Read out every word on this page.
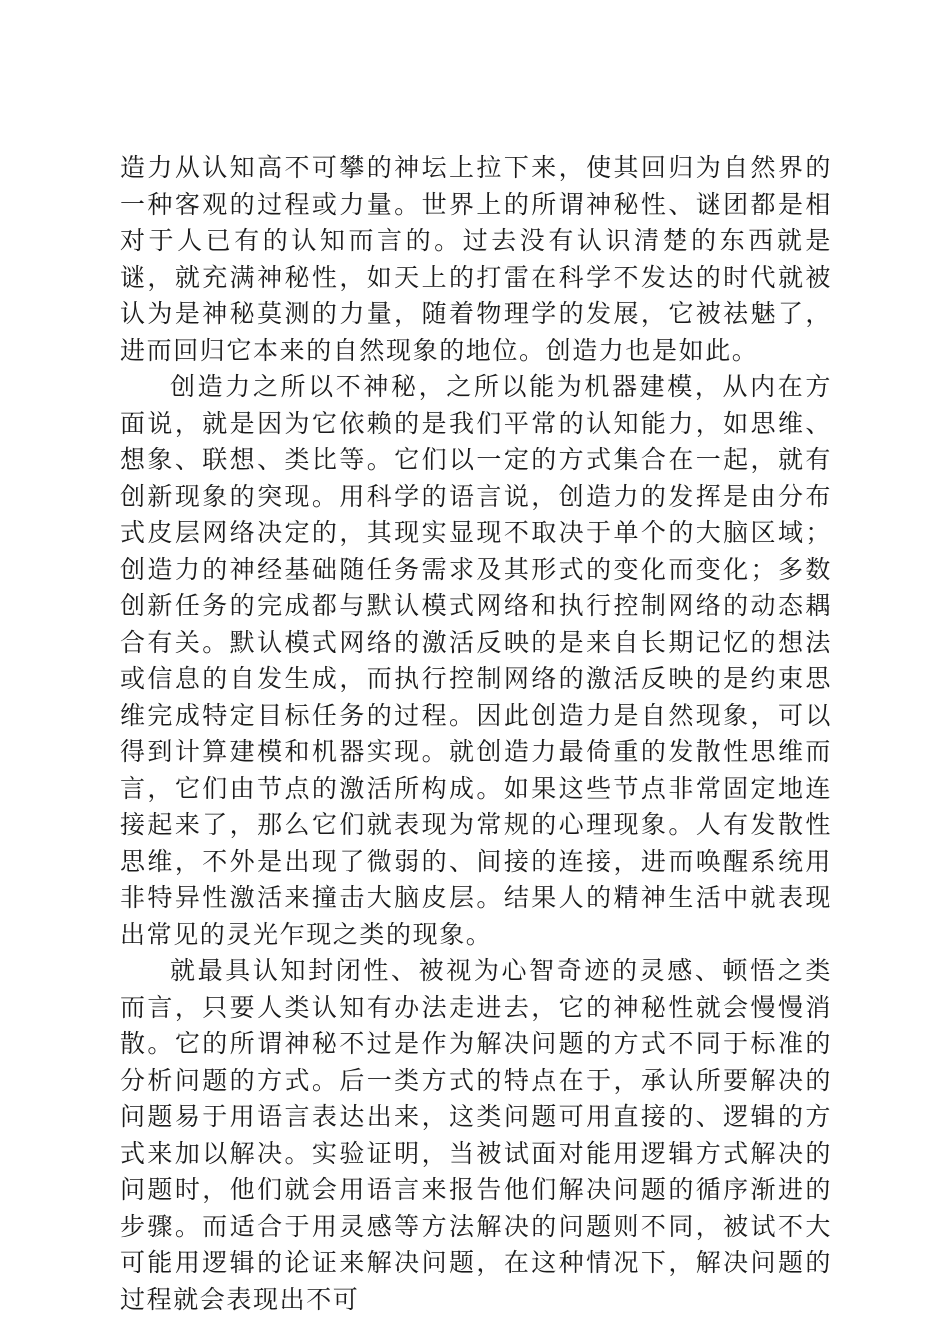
造力从认知高不可攀的神坛上拉下来，使其回归为自然界的一种客观的过程或力量。世界上的所谓神秘性、谜团都是相对于人已有的认知而言的。过去没有认识清楚的东西就是谜，就充满神秘性，如天上的打雷在科学不发达的时代就被认为是神秘莫测的力量，随着物理学的发展，它被祛魅了，进而回归它本来的自然现象的地位。创造力也是如此。

创造力之所以不神秘，之所以能为机器建模，从内在方面说，就是因为它依赖的是我们平常的认知能力，如思维、想象、联想、类比等。它们以一定的方式集合在一起，就有创新现象的突现。用科学的语言说，创造力的发挥是由分布式皮层网络决定的，其现实显现不取决于单个的大脑区域；创造力的神经基础随任务需求及其形式的变化而变化；多数创新任务的完成都与默认模式网络和执行控制网络的动态耦合有关。默认模式网络的激活反映的是来自长期记忆的想法或信息的自发生成，而执行控制网络的激活反映的是约束思维完成特定目标任务的过程。因此创造力是自然现象，可以得到计算建模和机器实现。就创造力最倚重的发散性思维而言，它们由节点的激活所构成。如果这些节点非常固定地连接起来了，那么它们就表现为常规的心理现象。人有发散性思维，不外是出现了微弱的、间接的连接，进而唤醒系统用非特异性激活来撞击大脑皮层。结果人的精神生活中就表现出常见的灵光乍现之类的现象。

就最具认知封闭性、被视为心智奇迹的灵感、顿悟之类而言，只要人类认知有办法走进去，它的神秘性就会慢慢消散。它的所谓神秘不过是作为解决问题的方式不同于标准的分析问题的方式。后一类方式的特点在于，承认所要解决的问题易于用语言表达出来，这类问题可用直接的、逻辑的方式来加以解决。实验证明，当被试面对能用逻辑方式解决的问题时，他们就会用语言来报告他们解决问题的循序渐进的步骤。而适合于用灵感等方法解决的问题则不同，被试不大可能用逻辑的论证来解决问题，在这种情况下，解决问题的过程就会表现出不可
